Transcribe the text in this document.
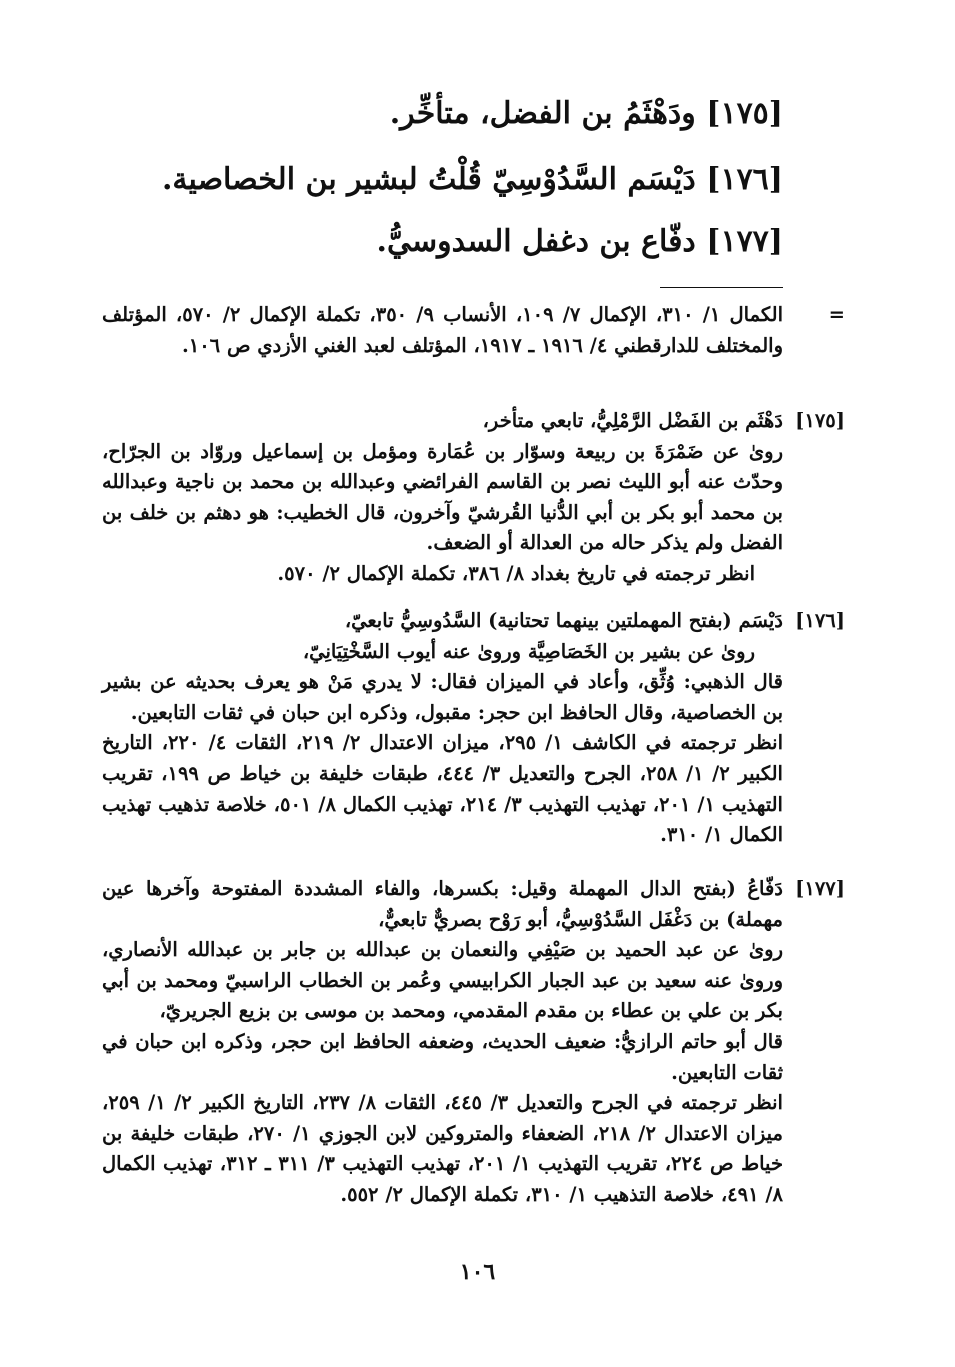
[١٧٥] ودَهْثَمُ بن الفضل، متأخِّر.
[١٧٦] دَيْسَم السَّدُوْسِيّ قُلْتُ لبشير بن الخصاصية.
[١٧٧] دفّاع بن دغفل السدوسيُّ.
=
الكمال ١/ ٣١٠، الإكمال ٧/ ١٠٩، الأنساب ٩/ ٣٥٠، تكملة الإكمال ٢/ ٥٧٠، المؤتلف والمختلف للدارقطني ٤/ ١٩١٦ ـ ١٩١٧، المؤتلف لعبد الغني الأزدي ص ١٠٦.
[١٧٥]
دَهْثَم بن الفَضْل الرَّمْلِيُّ، تابعي متأخر،
روىٰ عن ضَمْرَةَ بن ربيعة وسوّار بن عُمَارة ومؤمل بن إسماعيل وروّاد بن الجرّاح، وحدّث عنه أبو الليث نصر بن القاسم الفرائضي وعبدالله بن محمد بن ناجية وعبدالله بن محمد أبو بكر بن أبي الدُّنيا القُرشيّ وآخرون، قال الخطيب: هو دهثم بن خلف بن الفضل ولم يذكر حاله من العدالة أو الضعف.
انظر ترجمته في تاريخ بغداد ٨/ ٣٨٦، تكملة الإكمال ٢/ ٥٧٠.
[١٧٦]
دَيْسَم (بفتح المهملتين بينهما تحتانية) السَّدُوسِيُّ تابعيّ،
روىٰ عن بشير بن الخَصَاصِيَّة وروىٰ عنه أيوب السَّخْتِيَانِيّ،
قال الذهبي: وُثِّق، وأعاد في الميزان فقال: لا يدري مَنْ هو يعرف بحديثه عن بشير بن الخصاصية، وقال الحافظ ابن حجر: مقبول، وذكره ابن حبان في ثقات التابعين.
انظر ترجمته في الكاشف ١/ ٢٩٥، ميزان الاعتدال ٢/ ٢١٩، الثقات ٤/ ٢٢٠، التاريخ الكبير ٢/ ١/ ٢٥٨، الجرح والتعديل ٣/ ٤٤٤، طبقات خليفة بن خياط ص ١٩٩، تقريب التهذيب ١/ ٢٠١، تهذيب التهذيب ٣/ ٢١٤، تهذيب الكمال ٨/ ٥٠١، خلاصة تذهيب تهذيب الكمال ١/ ٣١٠.
[١٧٧]
دَفّاعُ (بفتح الدال المهملة وقيل: بكسرها، والفاء المشددة المفتوحة وآخرها عين مهملة) بن دَغْفَل السَّدُوْسِيُّ، أبو رَوْح بصريٌّ تابعيٌّ،
روىٰ عن عبد الحميد بن صَيْفِي والنعمان بن عبدالله بن جابر بن عبدالله الأنصاري، وروىٰ عنه سعيد بن عبد الجبار الكرابيسي وعُمر بن الخطاب الراسبيّ ومحمد بن أبي بكر بن علي بن عطاء بن مقدم المقدمي، ومحمد بن موسى بن بزيع الجريريّ،
قال أبو حاتم الرازيُّ: ضعيف الحديث، وضعفه الحافظ ابن حجر، وذكره ابن حبان في ثقات التابعين.
انظر ترجمته في الجرح والتعديل ٣/ ٤٤٥، الثقات ٨/ ٢٣٧، التاريخ الكبير ٢/ ١/ ٢٥٩، ميزان الاعتدال ٢/ ٢١٨، الضعفاء والمتروكين لابن الجوزي ١/ ٢٧٠، طبقات خليفة بن خياط ص ٢٢٤، تقريب التهذيب ١/ ٢٠١، تهذيب التهذيب ٣/ ٣١١ ـ ٣١٢، تهذيب الكمال ٨/ ٤٩١، خلاصة التذهيب ١/ ٣١٠، تكملة الإكمال ٢/ ٥٥٢.
١٠٦
